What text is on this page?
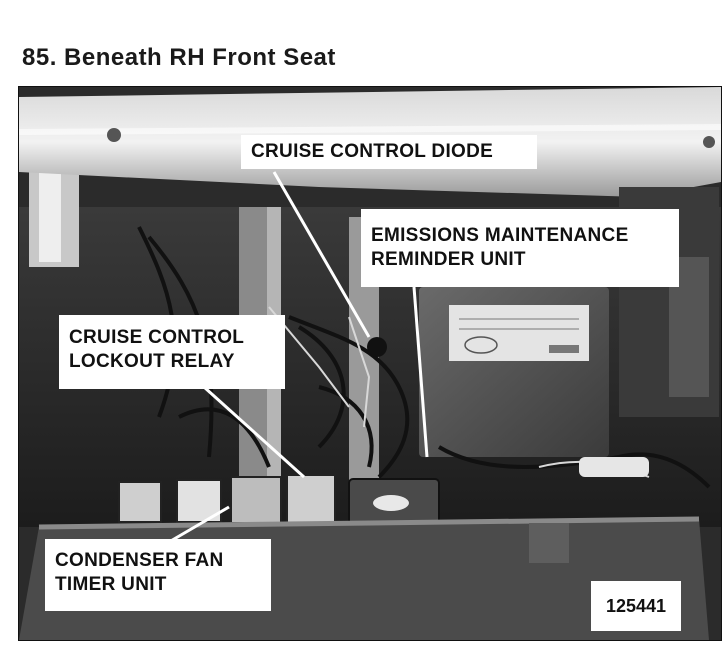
85. Beneath RH Front Seat
CRUISE CONTROL DIODE
EMISSIONS MAINTENANCE
REMINDER UNIT
CRUISE CONTROL
LOCKOUT RELAY
CONDENSER FAN
TIMER UNIT
125441
